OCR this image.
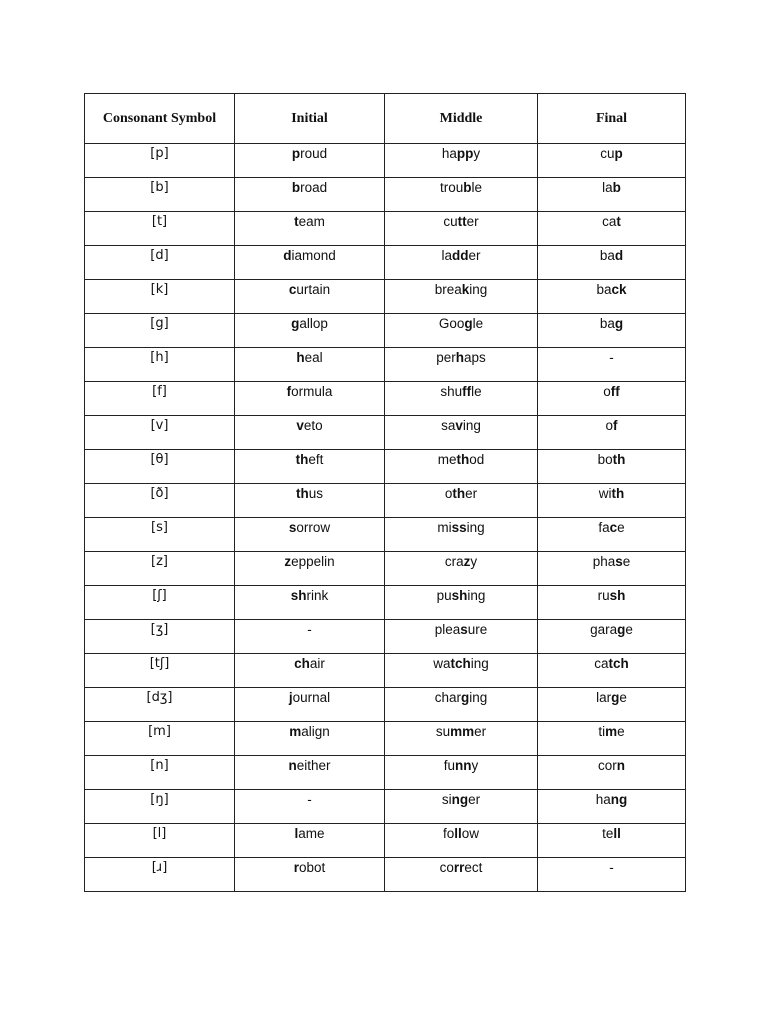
Consonant Symbol	Initial	Middle	Final
[p]	proud	happy	cup
[b]	broad	trouble	lab
[t]	team	cutter	cat
[d]	diamond	ladder	bad
[k]	curtain	breaking	back
[g]	gallop	Google	bag
[h]	heal	perhaps	-
[f]	formula	shuffle	off
[v]	veto	saving	of
[θ]	theft	method	both
[ð]	thus	other	with
[s]	sorrow	missing	face
[z]	zeppelin	crazy	phase
[ʃ]	shrink	pushing	rush
[ʒ]	-	pleasure	garage
[tʃ]	chair	watching	catch
[dʒ]	journal	charging	large
[m]	malign	summer	time
[n]	neither	funny	corn
[ŋ]	-	singer	hang
[l]	lame	follow	tell
[ɹ]	robot	correct	-
